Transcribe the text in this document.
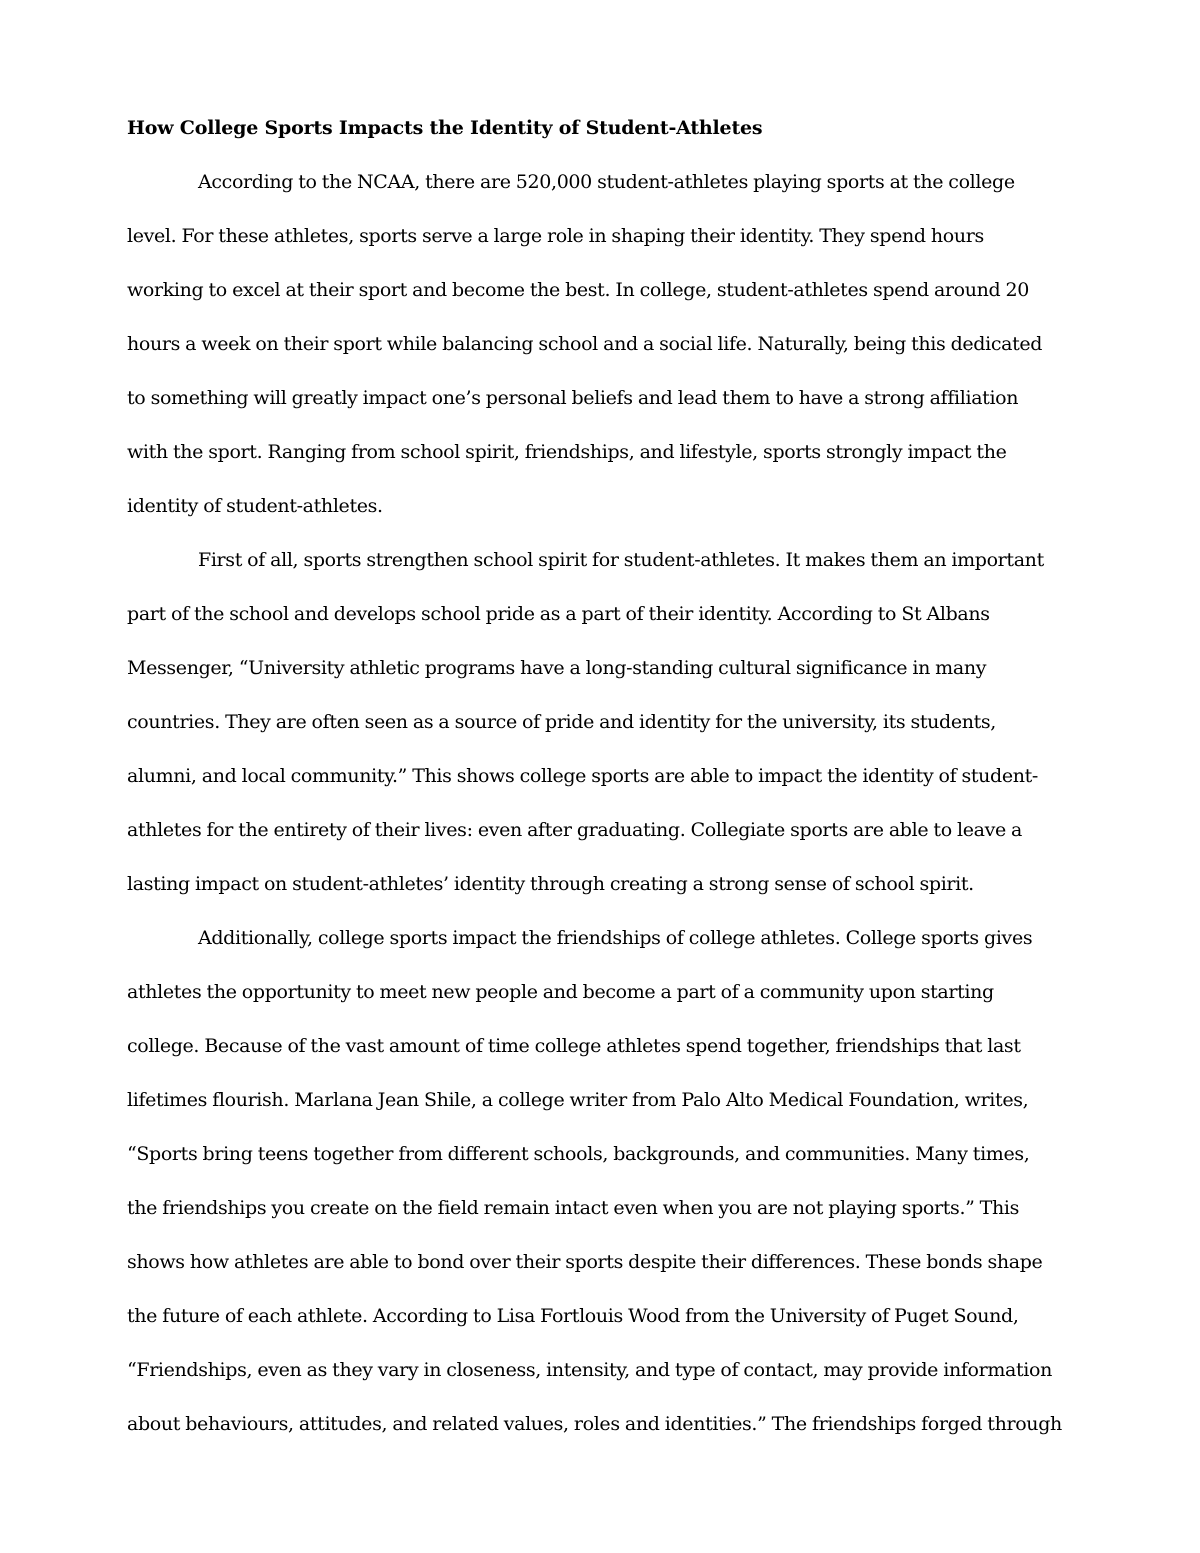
How College Sports Impacts the Identity of Student-Athletes
According to the NCAA, there are 520,000 student-athletes playing sports at the college
level. For these athletes, sports serve a large role in shaping their identity. They spend hours
working to excel at their sport and become the best. In college, student-athletes spend around 20
hours a week on their sport while balancing school and a social life. Naturally, being this dedicated
to something will greatly impact one’s personal beliefs and lead them to have a strong affiliation
with the sport. Ranging from school spirit, friendships, and lifestyle, sports strongly impact the
identity of student-athletes.
First of all, sports strengthen school spirit for student-athletes. It makes them an important
part of the school and develops school pride as a part of their identity. According to St Albans
Messenger, “University athletic programs have a long-standing cultural significance in many
countries. They are often seen as a source of pride and identity for the university, its students,
alumni, and local community.” This shows college sports are able to impact the identity of student-
athletes for the entirety of their lives: even after graduating. Collegiate sports are able to leave a
lasting impact on student-athletes’ identity through creating a strong sense of school spirit.
Additionally, college sports impact the friendships of college athletes. College sports gives
athletes the opportunity to meet new people and become a part of a community upon starting
college. Because of the vast amount of time college athletes spend together, friendships that last
lifetimes flourish. Marlana Jean Shile, a college writer from Palo Alto Medical Foundation, writes,
“Sports bring teens together from different schools, backgrounds, and communities. Many times,
the friendships you create on the field remain intact even when you are not playing sports.” This
shows how athletes are able to bond over their sports despite their differences. These bonds shape
the future of each athlete. According to Lisa Fortlouis Wood from the University of Puget Sound,
“Friendships, even as they vary in closeness, intensity, and type of contact, may provide information
about behaviours, attitudes, and related values, roles and identities.” The friendships forged through
